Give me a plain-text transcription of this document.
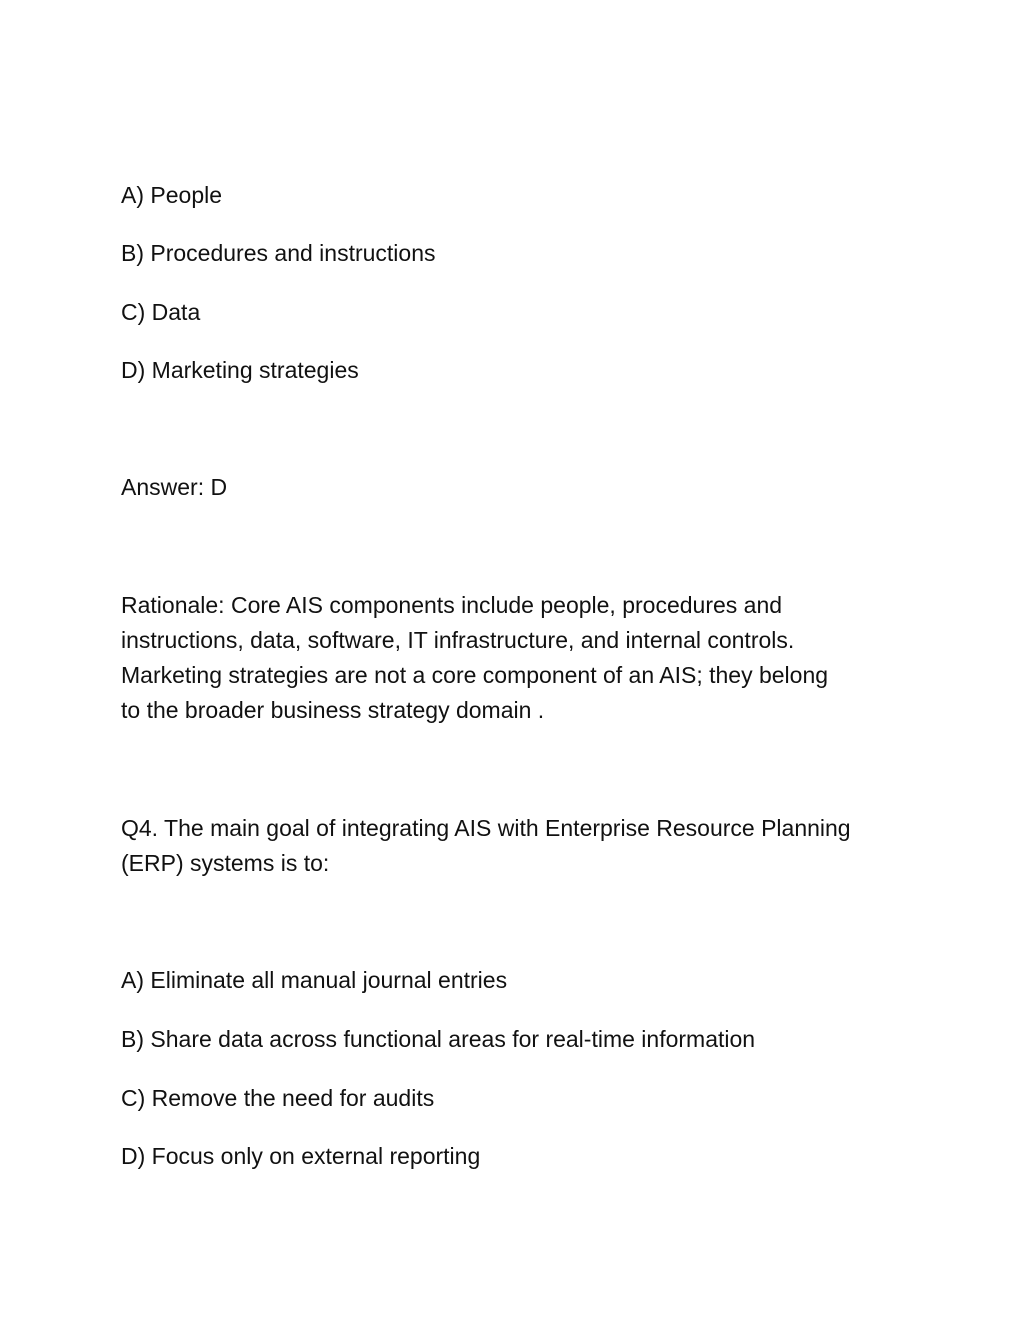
A) People
B) Procedures and instructions
C) Data
D) Marketing strategies
Answer: D
Rationale: Core AIS components include people, procedures and
instructions, data, software, IT infrastructure, and internal controls.
Marketing strategies are not a core component of an AIS; they belong
to the broader business strategy domain .
Q4. The main goal of integrating AIS with Enterprise Resource Planning
(ERP) systems is to:
A) Eliminate all manual journal entries
B) Share data across functional areas for real-time information
C) Remove the need for audits
D) Focus only on external reporting
